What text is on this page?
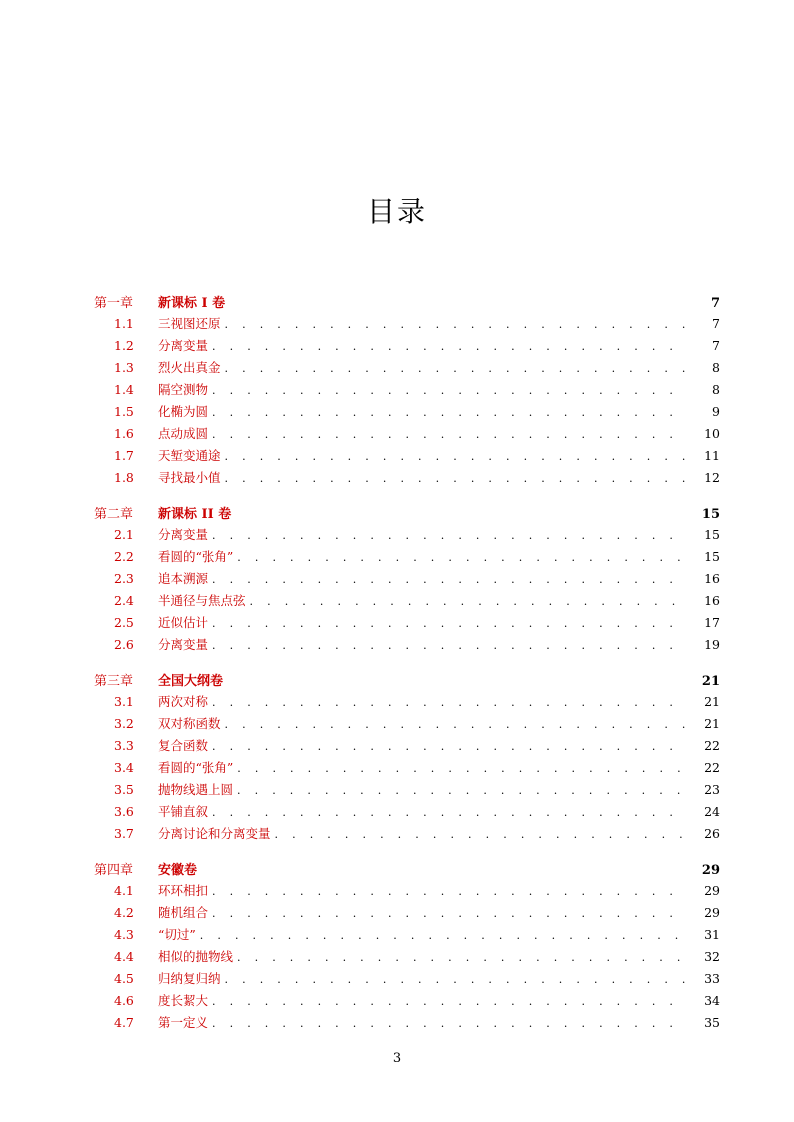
目录
第一章	新课标 I 卷	7
1.1	三视图还原 . . .	7
1.2	分离变量 . . .	7
1.3	烈火出真金 . . .	8
1.4	隔空测物 . . .	8
1.5	化椭为圆 . . .	9
1.6	点动成圆 . . .	10
1.7	天堑变通途 . . .	11
1.8	寻找最小值 . . .	12
第二章	新课标 II 卷	15
2.1	分离变量 . . .	15
2.2	看圆的“张角” . . .	15
2.3	追本溯源 . . .	16
2.4	半通径与焦点弦 . . .	16
2.5	近似估计 . . .	17
2.6	分离变量 . . .	19
第三章	全国大纲卷	21
3.1	两次对称 . . .	21
3.2	双对称函数 . . .	21
3.3	复合函数 . . .	22
3.4	看圆的“张角” . . .	22
3.5	抛物线遇上圆 . . .	23
3.6	平铺直叙 . . .	24
3.7	分离讨论和分离变量 . . .	26
第四章	安徽卷	29
4.1	环环相扣 . . .	29
4.2	随机组合 . . .	29
4.3	“切过” . . .	31
4.4	相似的抛物线 . . .	32
4.5	归纳复归纳 . . .	33
4.6	度长絜大 . . .	34
4.7	第一定义 . . .	35
3
